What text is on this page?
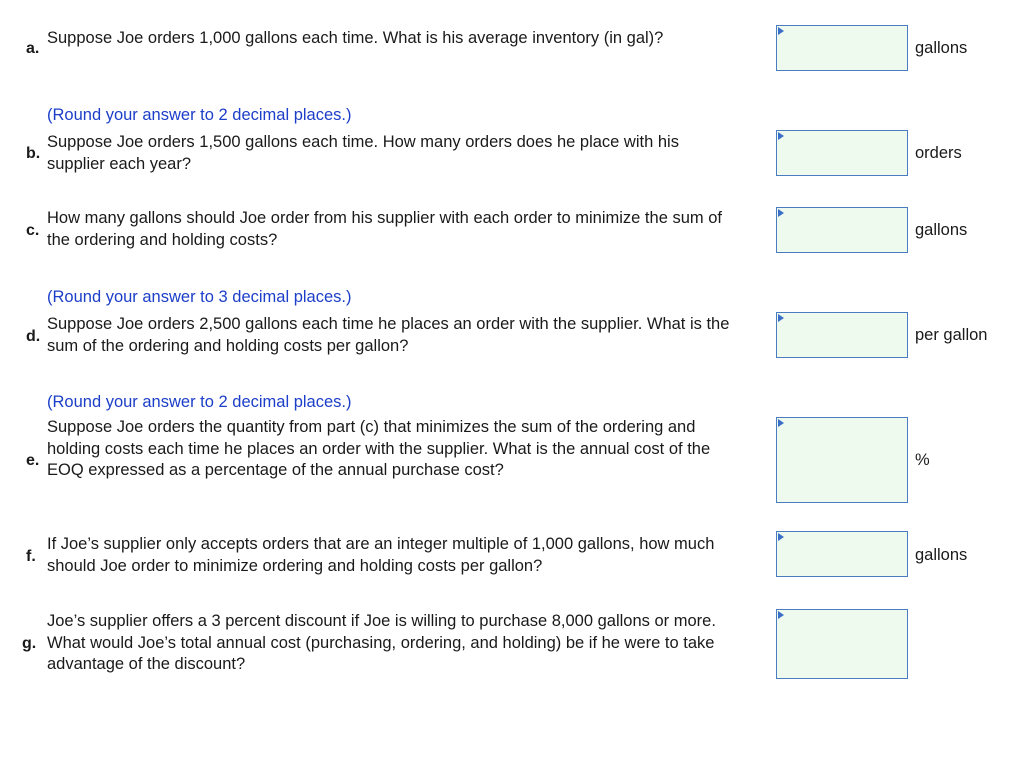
a.
Suppose Joe orders 1,000 gallons each time. What is his average inventory (in gal)?
gallons
(Round your answer to 2 decimal places.)
b.
Suppose Joe orders 1,500 gallons each time. How many orders does he place with his supplier each year?
orders
c.
How many gallons should Joe order from his supplier with each order to minimize the sum of the ordering and holding costs?
gallons
(Round your answer to 3 decimal places.)
d.
Suppose Joe orders 2,500 gallons each time he places an order with the supplier. What is the sum of the ordering and holding costs per gallon?
per gallon
(Round your answer to 2 decimal places.)
e.
Suppose Joe orders the quantity from part (c) that minimizes the sum of the ordering and holding costs each time he places an order with the supplier. What is the annual cost of the EOQ expressed as a percentage of the annual purchase cost?
%
f.
If Joe’s supplier only accepts orders that are an integer multiple of 1,000 gallons, how much should Joe order to minimize ordering and holding costs per gallon?
gallons
g.
Joe’s supplier offers a 3 percent discount if Joe is willing to purchase 8,000 gallons or more. What would Joe’s total annual cost (purchasing, ordering, and holding) be if he were to take advantage of the discount?
